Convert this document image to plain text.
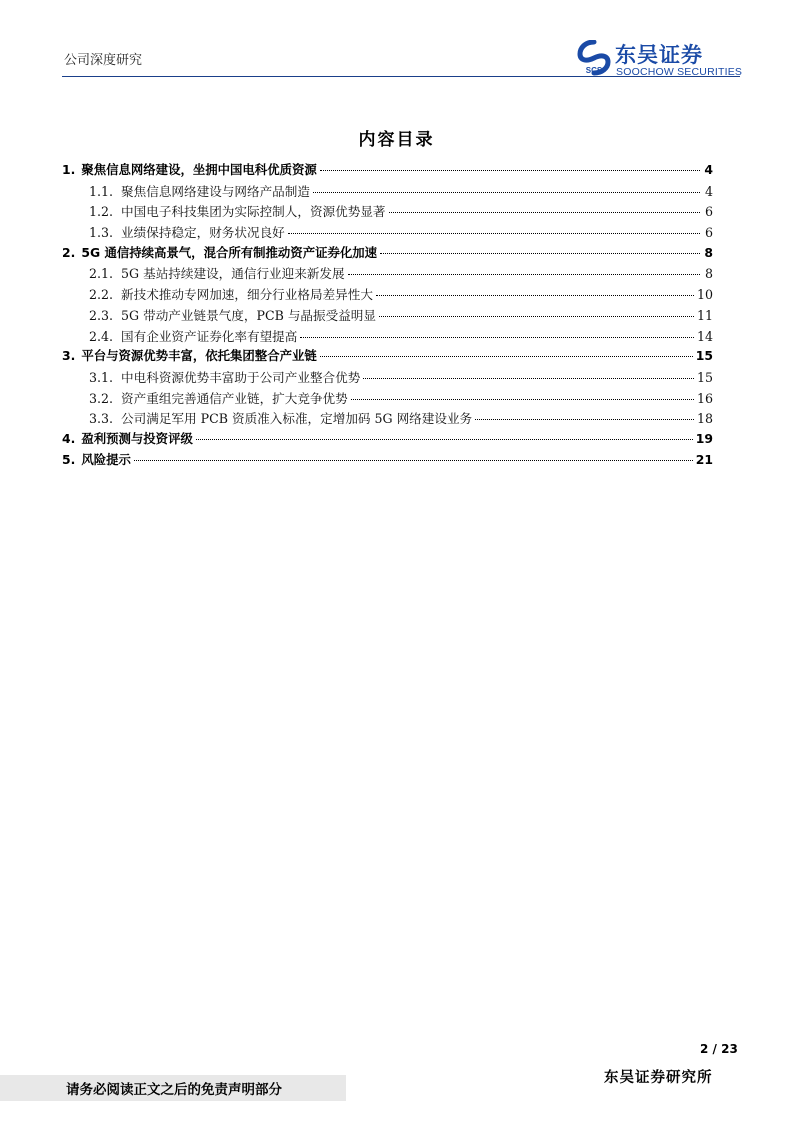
公司深度研究
SCS
东吴证券
SOOCHOW SECURITIES
内容目录
1. 聚焦信息网络建设，坐拥中国电科优质资源	4
1.1. 聚焦信息网络建设与网络产品制造	4
1.2. 中国电子科技集团为实际控制人，资源优势显著	6
1.3. 业绩保持稳定，财务状况良好	6
2. 5G 通信持续高景气，混合所有制推动资产证券化加速	8
2.1. 5G 基站持续建设，通信行业迎来新发展	8
2.2. 新技术推动专网加速，细分行业格局差异性大	10
2.3. 5G 带动产业链景气度，PCB 与晶振受益明显	11
2.4. 国有企业资产证券化率有望提高	14
3. 平台与资源优势丰富，依托集团整合产业链	15
3.1. 中电科资源优势丰富助于公司产业整合优势	15
3.2. 资产重组完善通信产业链，扩大竞争优势	16
3.3. 公司满足军用 PCB 资质准入标准，定增加码 5G 网络建设业务	18
4. 盈利预测与投资评级	19
5. 风险提示	21
2 / 23
请务必阅读正文之后的免责声明部分
东吴证券研究所
